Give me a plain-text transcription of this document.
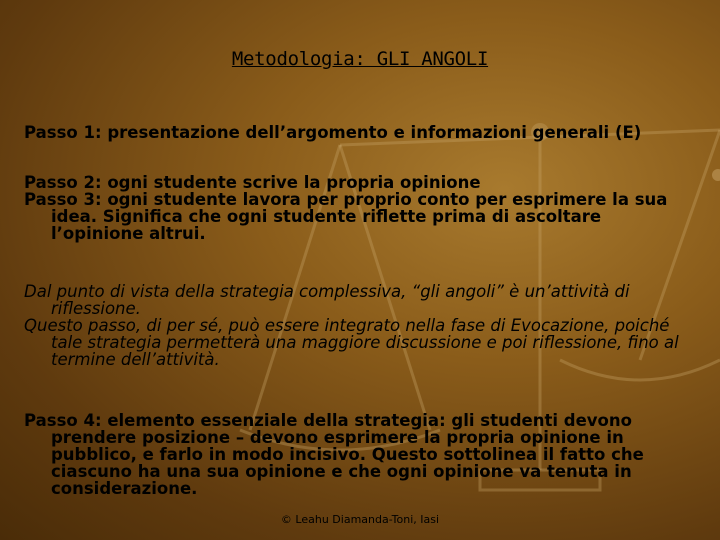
Metodologia: GLI ANGOLI

Passo 1: presentazione dell’argomento e informazioni generali (E)

Passo 2: ogni studente scrive la propria opinione

Passo 3: ogni studente lavora per proprio conto per esprimere la sua idea. Significa che ogni studente riflette prima di ascoltare l’opinione altrui.

Dal punto di vista della strategia complessiva, “gli angoli” è un’attività di riflessione.

Questo passo, di per sé, può essere integrato nella fase di Evocazione, poiché tale strategia permetterà una maggiore discussione e poi riflessione, fino al termine dell’attività.

Passo 4: elemento essenziale della strategia: gli studenti devono prendere posizione – devono esprimere la propria opinione in pubblico, e farlo in modo incisivo. Questo sottolinea il fatto che ciascuno ha una sua opinione e che ogni opinione va tenuta in considerazione.

© Leahu Diamanda-Toni, Iasi
